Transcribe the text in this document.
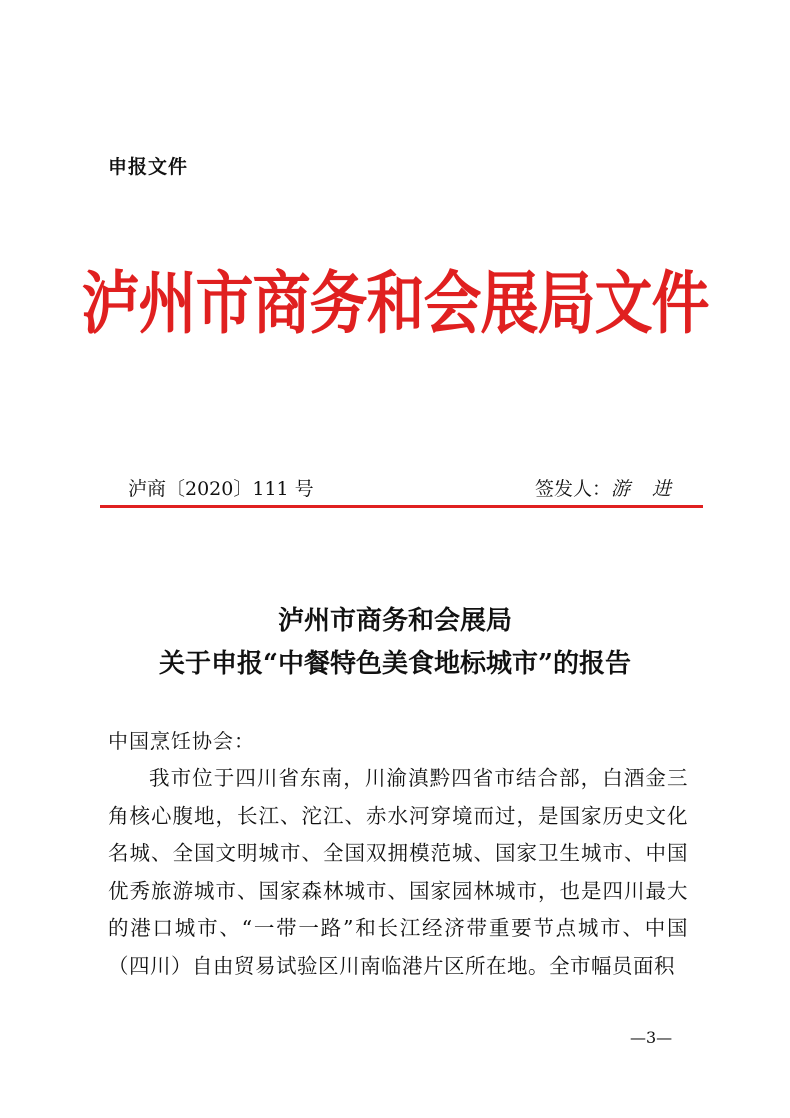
申报文件
泸州市商务和会展局文件
泸商〔2020〕111 号	签发人：游 进
泸州市商务和会展局
关于申报“中餐特色美食地标城市”的报告
中国烹饪协会：
我市位于四川省东南，川渝滇黔四省市结合部，白酒金三角核心腹地，长江、沱江、赤水河穿境而过，是国家历史文化名城、全国文明城市、全国双拥模范城、国家卫生城市、中国优秀旅游城市、国家森林城市、国家园林城市，也是四川最大的港口城市、“一带一路”和长江经济带重要节点城市、中国（四川）自由贸易试验区川南临港片区所在地。全市幅员面积
—3—
